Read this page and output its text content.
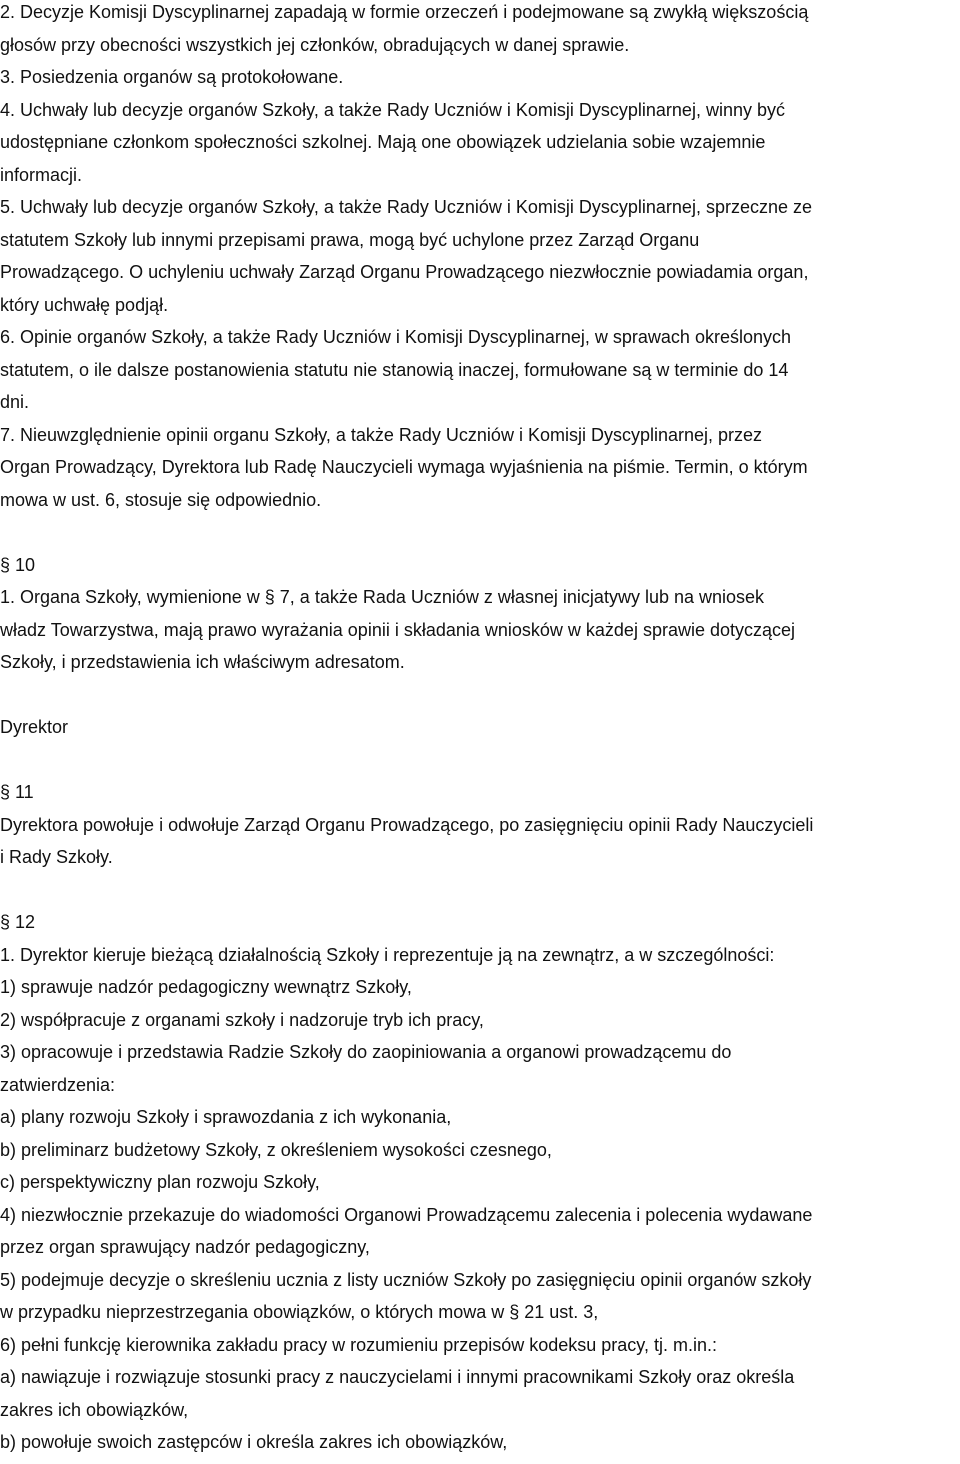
2. Decyzje Komisji Dyscyplinarnej zapadają w formie orzeczeń i podejmowane są zwykłą większością
głosów przy obecności wszystkich jej członków, obradujących w danej sprawie.
3. Posiedzenia organów są protokołowane.
4. Uchwały lub decyzje organów Szkoły, a także Rady Uczniów i Komisji Dyscyplinarnej, winny być
udostępniane członkom społeczności szkolnej. Mają one obowiązek udzielania sobie wzajemnie
informacji.
5. Uchwały lub decyzje organów Szkoły, a także Rady Uczniów i Komisji Dyscyplinarnej, sprzeczne ze
statutem Szkoły lub innymi przepisami prawa, mogą być uchylone przez Zarząd Organu
Prowadzącego. O uchyleniu uchwały Zarząd Organu Prowadzącego niezwłocznie powiadamia organ,
który uchwałę podjął.
6. Opinie organów Szkoły, a także Rady Uczniów i Komisji Dyscyplinarnej, w sprawach określonych
statutem, o ile dalsze postanowienia statutu nie stanowią inaczej, formułowane są w terminie do 14
dni.
7. Nieuwzględnienie opinii organu Szkoły, a także Rady Uczniów i Komisji Dyscyplinarnej, przez
Organ Prowadzący, Dyrektora lub Radę Nauczycieli wymaga wyjaśnienia na piśmie. Termin, o którym
mowa w ust. 6, stosuje się odpowiednio.
§ 10
1. Organa Szkoły, wymienione w § 7, a także Rada Uczniów z własnej inicjatywy lub na wniosek
władz Towarzystwa, mają prawo wyrażania opinii i składania wniosków w każdej sprawie dotyczącej
Szkoły, i przedstawienia ich właściwym adresatom.
Dyrektor
§ 11
Dyrektora powołuje i odwołuje Zarząd Organu Prowadzącego, po zasięgnięciu opinii Rady Nauczycieli
i Rady Szkoły.
§ 12
1. Dyrektor kieruje bieżącą działalnością Szkoły i reprezentuje ją na zewnątrz, a w szczególności:
1) sprawuje nadzór pedagogiczny wewnątrz Szkoły,
2) współpracuje z organami szkoły i nadzoruje tryb ich pracy,
3) opracowuje i przedstawia Radzie Szkoły do zaopiniowania a organowi prowadzącemu do
zatwierdzenia:
a) plany rozwoju Szkoły i sprawozdania z ich wykonania,
b) preliminarz budżetowy Szkoły, z określeniem wysokości czesnego,
c) perspektywiczny plan rozwoju Szkoły,
4) niezwłocznie przekazuje do wiadomości Organowi Prowadzącemu zalecenia i polecenia wydawane
przez organ sprawujący nadzór pedagogiczny,
5) podejmuje decyzje o skreśleniu ucznia z listy uczniów Szkoły po zasięgnięciu opinii organów szkoły
w przypadku nieprzestrzegania obowiązków, o których mowa w § 21 ust. 3,
6) pełni funkcję kierownika zakładu pracy w rozumieniu przepisów kodeksu pracy, tj. m.in.:
a) nawiązuje i rozwiązuje stosunki pracy z nauczycielami i innymi pracownikami Szkoły oraz określa
zakres ich obowiązków,
b) powołuje swoich zastępców i określa zakres ich obowiązków,
